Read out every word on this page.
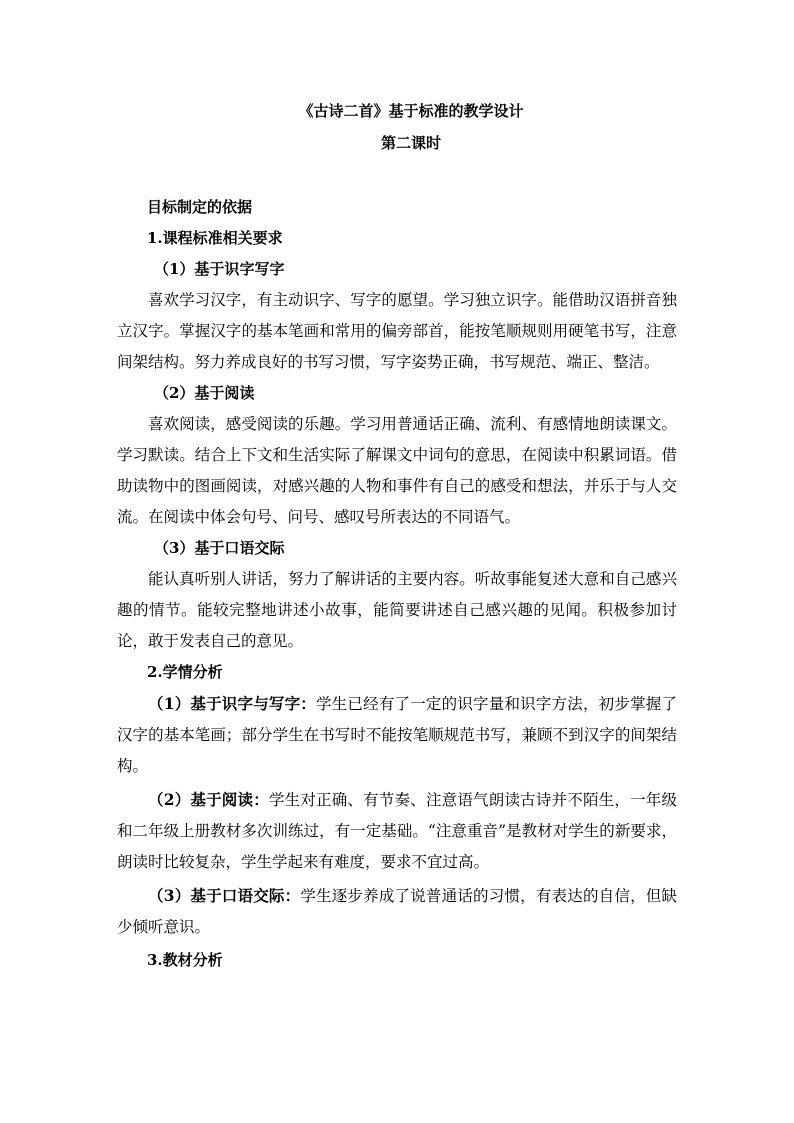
《古诗二首》基于标准的教学设计
第二课时
目标制定的依据
1.课程标准相关要求
（1）基于识字写字

喜欢学习汉字，有主动识字、写字的愿望。学习独立识字。能借助汉语拼音独立汉字。掌握汉字的基本笔画和常用的偏旁部首，能按笔顺规则用硬笔书写，注意间架结构。努力养成良好的书写习惯，写字姿势正确，书写规范、端正、整洁。

（2）基于阅读

喜欢阅读，感受阅读的乐趣。学习用普通话正确、流利、有感情地朗读课文。学习默读。结合上下文和生活实际了解课文中词句的意思，在阅读中积累词语。借助读物中的图画阅读，对感兴趣的人物和事件有自己的感受和想法，并乐于与人交流。在阅读中体会句号、问号、感叹号所表达的不同语气。

（3）基于口语交际

能认真听别人讲话，努力了解讲话的主要内容。听故事能复述大意和自己感兴趣的情节。能较完整地讲述小故事，能简要讲述自己感兴趣的见闻。积极参加讨论，敢于发表自己的意见。

2.学情分析

（1）基于识字与写字：学生已经有了一定的识字量和识字方法，初步掌握了汉字的基本笔画；部分学生在书写时不能按笔顺规范书写，兼顾不到汉字的间架结构。

（2）基于阅读：学生对正确、有节奏、注意语气朗读古诗并不陌生，一年级和二年级上册教材多次训练过，有一定基础。“注意重音”是教材对学生的新要求，朗读时比较复杂，学生学起来有难度，要求不宜过高。

（3）基于口语交际：学生逐步养成了说普通话的习惯，有表达的自信，但缺少倾听意识。

3.教材分析
